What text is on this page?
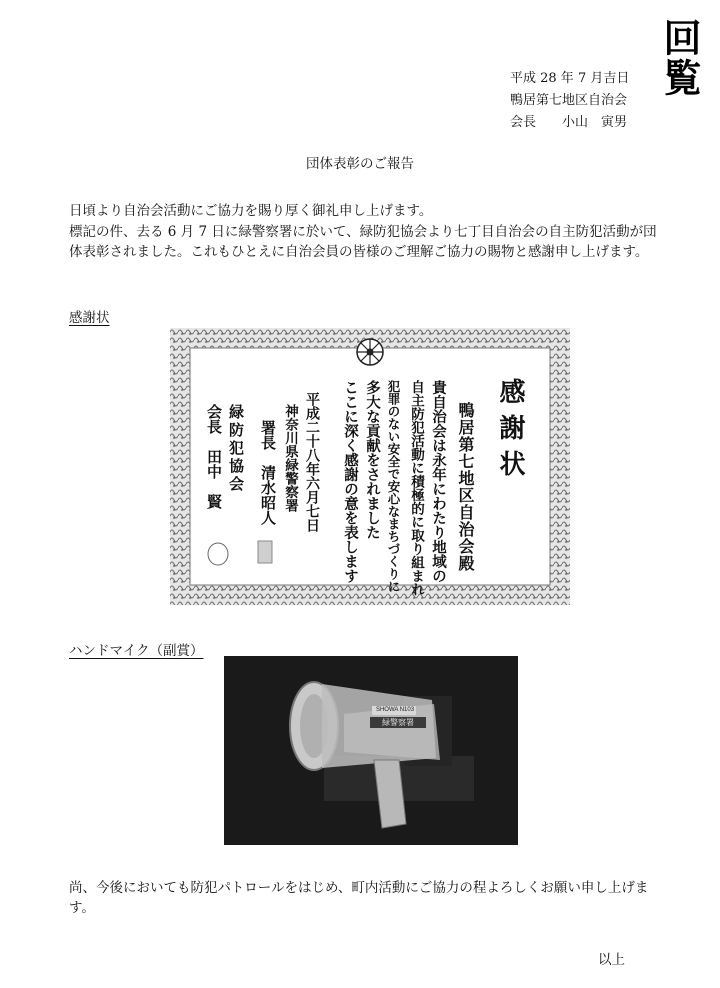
回覧
平成 28 年 7 月吉日
鴨居第七地区自治会
会長　　小山　寅男
団体表彰のご報告
日頃より自治会活動にご協力を賜り厚く御礼申し上げます。
標記の件、去る 6 月 7 日に緑警察署に於いて、緑防犯協会より七丁目自治会の自主防犯活動が団体表彰されました。これもひとえに自治会員の皆様のご理解ご協力の賜物と感謝申し上げます。
感謝状
感謝状
鴨居第七地区自治会殿
貴自治会は永年にわたり地域の
自主防犯活動に積極的に取り組まれ
犯罪のない安全で安心なまちづくりに
多大な貢献をされました
ここに深く感謝の意を表します
平成二十八年六月七日
神奈川県緑警察署
署長　清水昭人
緑防犯協会
会長　田中　賢
ハンドマイク（副賞）
SHOWA N103
緑警察署
尚、今後においても防犯パトロールをはじめ、町内活動にご協力の程よろしくお願い申し上げます。
以上
